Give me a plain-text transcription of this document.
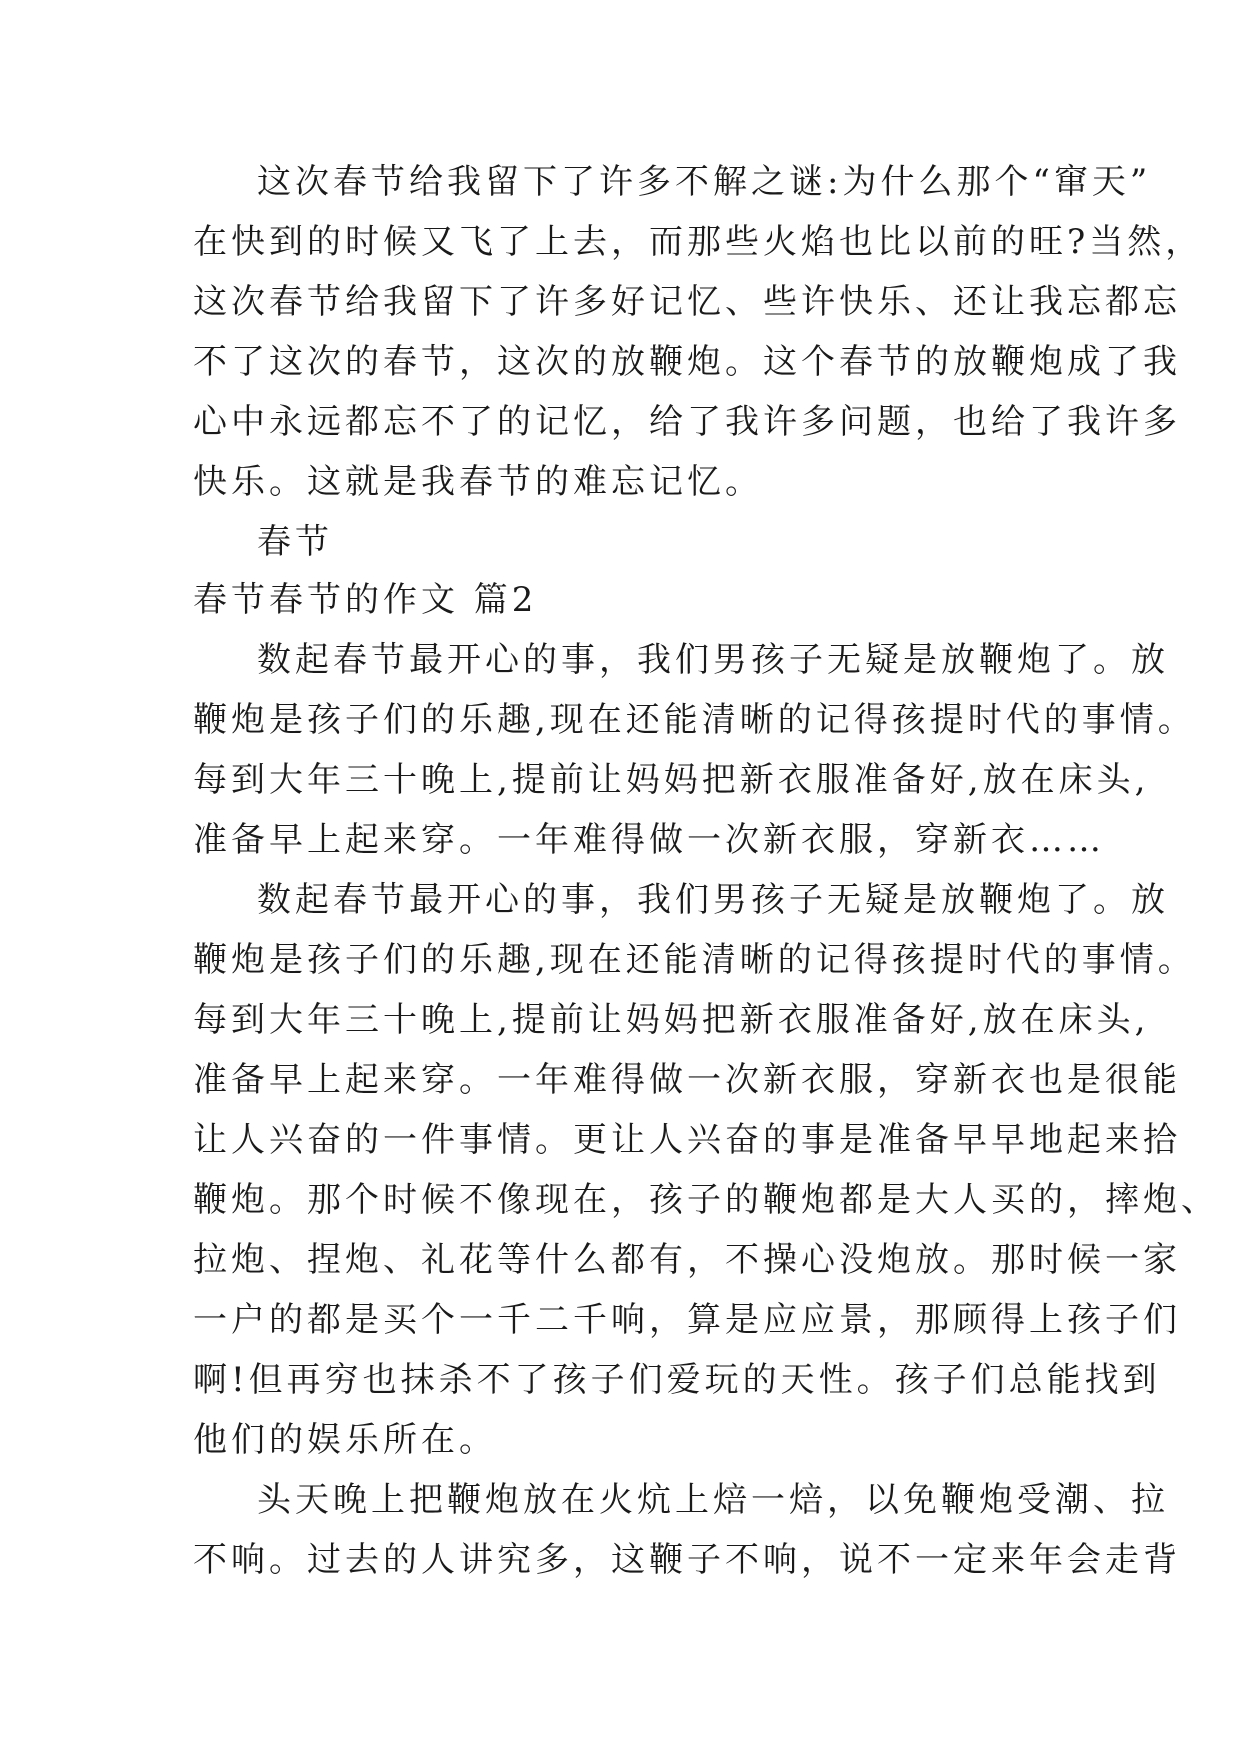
这次春节给我留下了许多不解之谜:为什么那个“窜天”
在快到的时候又飞了上去，而那些火焰也比以前的旺?当然，
这次春节给我留下了许多好记忆、些许快乐、还让我忘都忘
不了这次的春节，这次的放鞭炮。这个春节的放鞭炮成了我
心中永远都忘不了的记忆，给了我许多问题，也给了我许多
快乐。这就是我春节的难忘记忆。
春节
春节春节的作文 篇2
数起春节最开心的事，我们男孩子无疑是放鞭炮了。放
鞭炮是孩子们的乐趣,现在还能清晰的记得孩提时代的事情。
每到大年三十晚上,提前让妈妈把新衣服准备好,放在床头,
准备早上起来穿。一年难得做一次新衣服，穿新衣……
数起春节最开心的事，我们男孩子无疑是放鞭炮了。放
鞭炮是孩子们的乐趣,现在还能清晰的记得孩提时代的事情。
每到大年三十晚上,提前让妈妈把新衣服准备好,放在床头,
准备早上起来穿。一年难得做一次新衣服，穿新衣也是很能
让人兴奋的一件事情。更让人兴奋的事是准备早早地起来拾
鞭炮。那个时候不像现在，孩子的鞭炮都是大人买的，摔炮、
拉炮、捏炮、礼花等什么都有，不操心没炮放。那时候一家
一户的都是买个一千二千响，算是应应景，那顾得上孩子们
啊!但再穷也抹杀不了孩子们爱玩的天性。孩子们总能找到
他们的娱乐所在。
头天晚上把鞭炮放在火炕上焙一焙，以免鞭炮受潮、拉
不响。过去的人讲究多，这鞭子不响，说不一定来年会走背
